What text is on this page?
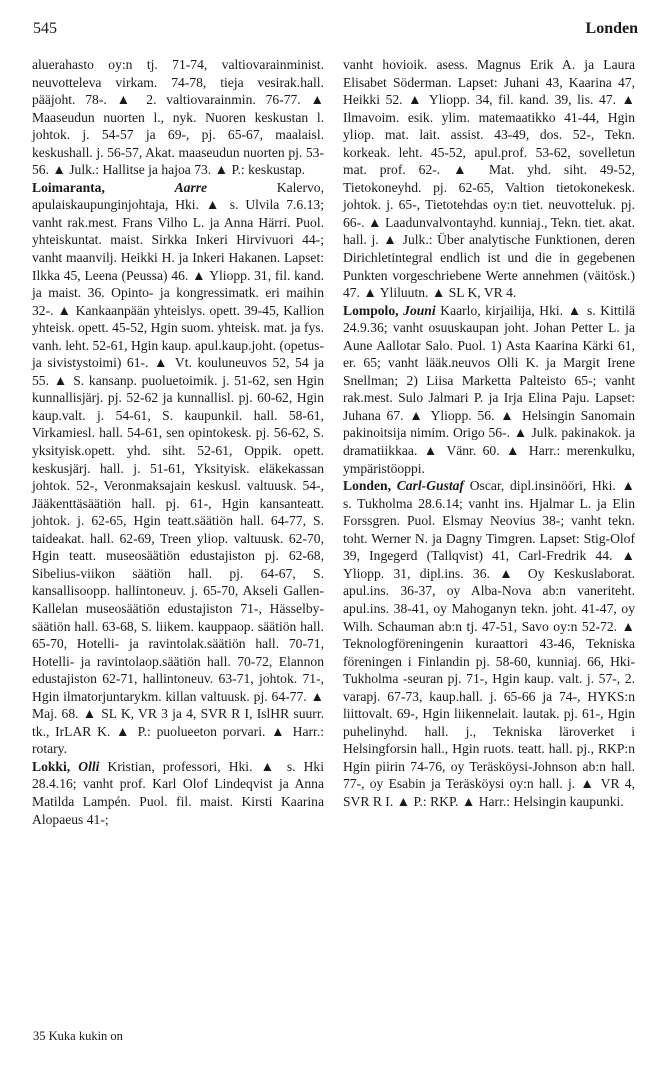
545	Londen

aluerahasto oy:n tj. 71-74, valtiovarainminist. neuvotteleva virkam. 74-78, tieja vesirak.hall. pääjoht. 78-. ▲ 2. valtiovarainmin. 76-77. ▲ Maaseudun nuorten l., nyk. Nuoren keskustan l. johtok. j. 54-57 ja 69-, pj. 65-67, maalaisl. keskushall. j. 56-57, Akat. maaseudun nuorten pj. 53-56. ▲ Julk.: Hallitse ja hajoa 73. ▲ P.: keskustap.

Loimaranta,	Aarre	Kalervo, apulaiskaupunginjohtaja, Hki. ▲ s. Ulvila 7.6.13; vanht rak.mest. Frans Vilho L. ja Anna Härri. Puol. yhteiskuntat. maist. Sirkka Inkeri Hirvivuori 44-; vanht maanvilj. Heikki H. ja Inkeri Hakanen. Lapset: Ilkka 45, Leena (Peussa) 46. ▲ Yliopp. 31, fil. kand. ja maist. 36. Opinto- ja kongressimatk. eri maihin 32-. ▲ Kankaanpään yhteislys. opett. 39-45, Kallion yhteisk. opett. 45-52, Hgin suom. yhteisk. mat. ja fys. vanh. leht. 52-61, Hgin kaup. apul.kaup.joht. (opetus- ja sivistystoimi) 61-. ▲ Vt. kouluneuvos 52, 54 ja 55. ▲ S. kansanp. puoluetoimik. j. 51-62, sen Hgin kunnallisjärj. pj. 52-62 ja kunnallisl. pj. 60-62, Hgin kaup.valt. j. 54-61, S. kaupunkil. hall. 58-61, Virkamiesl. hall. 54-61, sen opintokesk. pj. 56-62, S. yksityisk.opett. yhd. siht. 52-61, Oppik. opett. keskusjärj. hall. j. 51-61, Yksityisk. eläkekassan johtok. 52-, Veronmaksajain keskusl. valtuusk. 54-, Jääkenttäsäätiön hall. pj. 61-, Hgin kansanteatt. johtok. j. 62-65, Hgin teatt.säätiön hall. 64-77, S. taideakat. hall. 62-69, Treen yliop. valtuusk. 62-70, Hgin teatt. museosäätiön edustajiston pj. 62-68, Sibelius-viikon säätiön hall. pj. 64-67, S. kansallisoopp. hallintoneuv. j. 65-70, Akseli Gallen-Kallelan museosäätiön edustajiston 71-, Hässelby-säätiön hall. 63-68, S. liikem. kauppaop. säätiön hall. 65-70, Hotelli- ja ravintolak.säätiön hall. 70-71, Hotelli- ja ravintolaop.säätiön hall. 70-72, Elannon edustajiston 62-71, hallintoneuv. 63-71, johtok. 71-, Hgin ilmatorjuntarykm. killan valtuusk. pj. 64-77. ▲ Maj. 68. ▲ SL K, VR 3 ja 4, SVR R I, IslHR suurr. tk., IrLAR K. ▲ P.: puolueeton porvari. ▲ Harr.: rotary.

Lokki, Olli Kristian, professori, Hki. ▲ s. Hki 28.4.16; vanht prof. Karl Olof Lindeqvist ja Anna Matilda Lampén. Puol. fil. maist. Kirsti Kaarina Alopaeus 41-;

vanht hovioik. asess. Magnus Erik A. ja Laura Elisabet Söderman. Lapset: Juhani 43, Kaarina 47, Heikki 52. ▲ Yliopp. 34, fil. kand. 39, lis. 47. ▲ Ilmavoim. esik. ylim. matemaatikko 41-44, Hgin yliop. mat. lait. assist. 43-49, dos. 52-, Tekn. korkeak. leht. 45-52, apul.prof. 53-62, sovelletun mat. prof. 62-. ▲ Mat. yhd. siht. 49-52, Tietokoneyhd. pj. 62-65, Valtion tietokonekesk. johtok. j. 65-, Tietotehdas oy:n tiet. neuvotteluk. pj. 66-. ▲ Laadunvalvontayhd. kunniaj., Tekn. tiet. akat. hall. j. ▲ Julk.: Über analytische Funktionen, deren Dirichletintegral endlich ist und die in gegebenen Punkten vorgeschriebene Werte annehmen (väitösk.) 47. ▲ Yliluutn. ▲ SL K, VR 4.

Lompolo, Jouni Kaarlo, kirjailija, Hki. ▲ s. Kittilä 24.9.36; vanht osuuskaupan joht. Johan Petter L. ja Aune Aallotar Salo. Puol. 1) Asta Kaarina Kärki 61, er. 65; vanht lääk.neuvos Olli K. ja Margit Irene Snellman; 2) Liisa Marketta Palteisto 65-; vanht rak.mest. Sulo Jalmari P. ja Irja Elina Paju. Lapset: Juhana 67. ▲ Yliopp. 56. ▲ Helsingin Sanomain pakinoitsija nimim. Origo 56-. ▲ Julk. pakinakok. ja dramatiikkaa. ▲ Vänr. 60. ▲ Harr.: merenkulku, ympäristöoppi.

Londen, Carl-Gustaf Oscar, dipl.insinööri, Hki. ▲ s. Tukholma 28.6.14; vanht ins. Hjalmar L. ja Elin Forssgren. Puol. Elsmay Neovius 38-; vanht tekn. toht. Werner N. ja Dagny Timgren. Lapset: Stig-Olof 39, Ingegerd (Tallqvist) 41, Carl-Fredrik 44. ▲ Yliopp. 31, dipl.ins. 36. ▲ Oy Keskuslaborat. apul.ins. 36-37, oy Alba-Nova ab:n vaneriteht. apul.ins. 38-41, oy Mahoganyn tekn. joht. 41-47, oy Wilh. Schauman ab:n tj. 47-51, Savo oy:n 52-72. ▲ Teknologföreningenin kuraattori 43-46, Tekniska föreningen i Finlandin pj. 58-60, kunniaj. 66, Hki-Tukholma -seuran pj. 71-, Hgin kaup. valt. j. 57-, 2. varapj. 67-73, kaup.hall. j. 65-66 ja 74-, HYKS:n liittovalt. 69-, Hgin liikennelait. lautak. pj. 61-, Hgin puhelinyhd. hall. j., Tekniska läroverket i Helsingforsin hall., Hgin ruots. teatt. hall. pj., RKP:n Hgin piirin 74-76, oy Teräsköysi-Johnson ab:n hall. 77-, oy Esabin ja Teräsköysi oy:n hall. j. ▲ VR 4, SVR R I. ▲ P.: RKP. ▲ Harr.: Helsingin kaupunki.

35 Kuka kukin on
